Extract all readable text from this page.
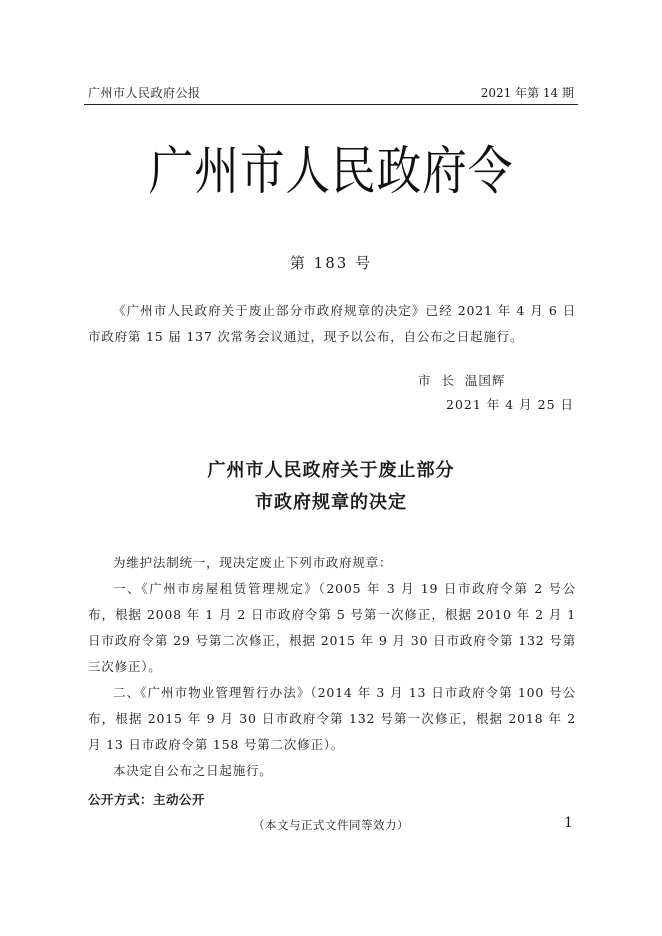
广州市人民政府公报	2021 年第 14 期
广州市人民政府令
第 183 号

《广州市人民政府关于废止部分市政府规章的决定》已经 2021 年 4 月 6 日市政府第 15 届 137 次常务会议通过，现予以公布，自公布之日起施行。

市  长  温国辉
2021 年 4 月 25 日
广州市人民政府关于废止部分
市政府规章的决定

为维护法制统一，现决定废止下列市政府规章：

一、《广州市房屋租赁管理规定》（2005 年 3 月 19 日市政府令第 2 号公布，根据 2008 年 1 月 2 日市政府令第 5 号第一次修正，根据 2010 年 2 月 1 日市政府令第 29 号第二次修正，根据 2015 年 9 月 30 日市政府令第 132 号第三次修正）。

二、《广州市物业管理暂行办法》（2014 年 3 月 13 日市政府令第 100 号公布，根据 2015 年 9 月 30 日市政府令第 132 号第一次修正，根据 2018 年 2 月 13 日市政府令第 158 号第二次修正）。

本决定自公布之日起施行。

公开方式：主动公开
（本文与正式文件同等效力）	1
